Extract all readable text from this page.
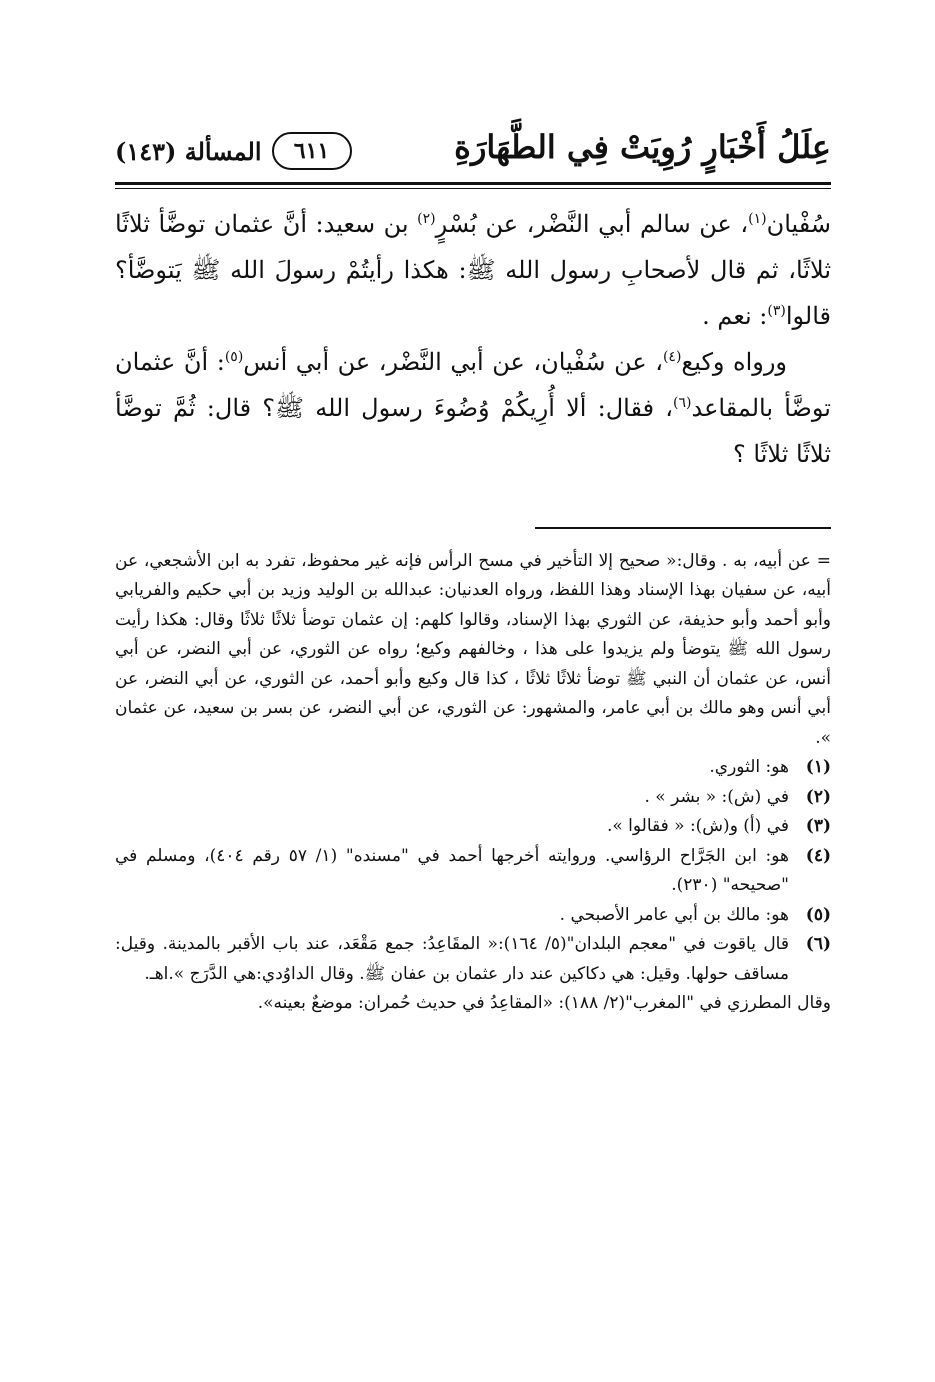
عِلَلُ أَخْبَارٍ رُوِيَتْ فِي الطَّهَارَةِ
المسألة (١٤٣)	٦١١

سُفْيان$^{(١)}$، عن سالم أبي النَّضْر، عن بُسْرٍ$^{(٢)}$ بن سعيد: أنَّ عثمان توضَّأ ثلاثًا ثلاثًا، ثم قال لأصحابِ رسول الله ﷺ: هكذا رأيتُمْ رسولَ الله ﷺ يَتوضَّأ؟ قالوا$^{(٣)}$: نعم .

ورواه وكيع$^{(٤)}$، عن سُفْيان، عن أبي النَّضْر، عن أبي أنس$^{(٥)}$: أنَّ عثمان توضَّأ بالمقاعد$^{(٦)}$، فقال: ألا أُرِيكُمْ وُضُوءَ رسول الله ﷺ؟ قال: ثُمَّ توضَّأ ثلاثًا ثلاثًا ؟

= عن أبيه، به . وقال:« صحيح إلا التأخير في مسح الرأس فإنه غير محفوظ، تفرد به ابن الأشجعي، عن أبيه، عن سفيان بهذا الإسناد وهذا اللفظ، ورواه العدنيان: عبدالله بن الوليد وزيد بن أبي حكيم والفريابي وأبو أحمد وأبو حذيفة، عن الثوري بهذا الإسناد، وقالوا كلهم: إن عثمان توضأ ثلاثًا ثلاثًا وقال: هكذا رأيت رسول الله ﷺ يتوضأ ولم يزيدوا على هذا ، وخالفهم وكيع؛ رواه عن الثوري، عن أبي النضر، عن أبي أنس، عن عثمان أن النبي ﷺ توضأ ثلاثًا ثلاثًا ، كذا قال وكيع وأبو أحمد، عن الثوري، عن أبي النضر، عن أبي أنس وهو مالك بن أبي عامر، والمشهور: عن الثوري، عن أبي النضر، عن بسر بن سعيد، عن عثمان ».

(١)
هو: الثوري.
(٢)
في (ش): « بشر » .
(٣)
في (أ) و(ش): « فقالوا ».
(٤)
هو: ابن الجَرَّاح الرؤاسي. وروايته أخرجها أحمد في "مسنده" (١/ ٥٧ رقم ٤٠٤)، ومسلم في "صحيحه" (٢٣٠).
(٥)
هو: مالك بن أبي عامر الأصبحي .
(٦)
قال ياقوت في "معجم البلدان"(٥/ ١٦٤):« المقَاعِدُ: جمع مَقْعَد، عند باب الأقبر بالمدينة. وقيل: مساقف حولها. وقيل: هي دكاكين عند دار عثمان بن عفان ﷺ. وقال الداوُدي:هي الدَّرَج ».اهـ.

وقال المطرزي في "المغرب"(٢/ ١٨٨): «المقاعِدُ في حديث حُمران: موضعٌ بعينه».
